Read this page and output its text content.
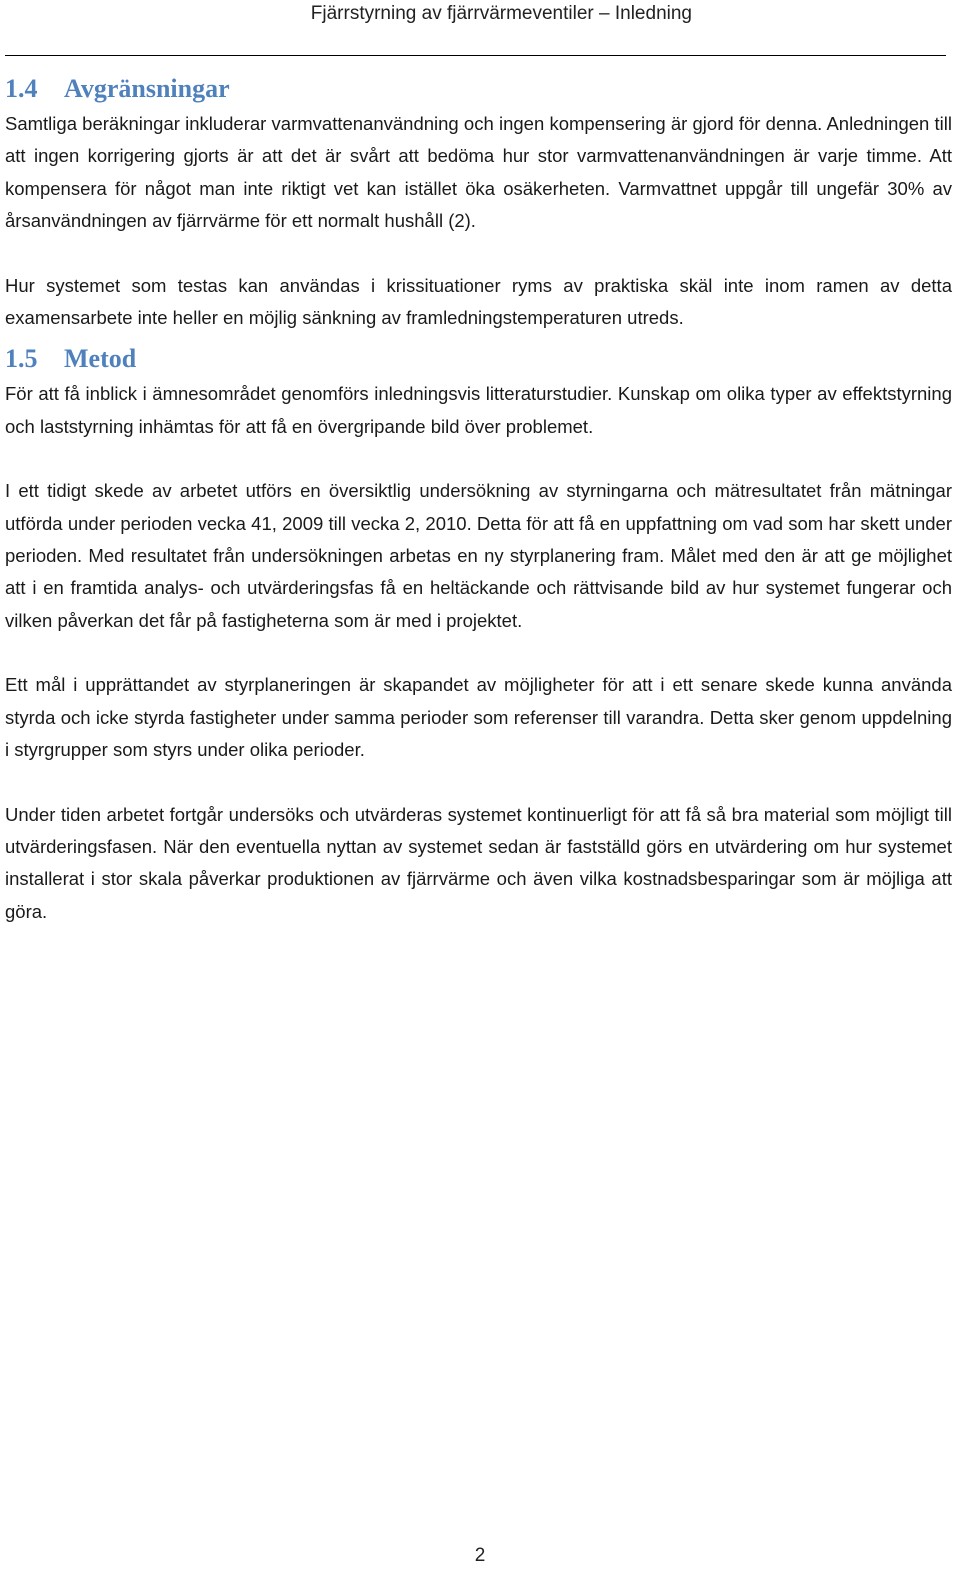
Fjärrstyrning av fjärrvärmeventiler – Inledning
1.4	Avgränsningar

Samtliga beräkningar inkluderar varmvattenanvändning och ingen kompensering är gjord för denna. Anledningen till att ingen korrigering gjorts är att det är svårt att bedöma hur stor varmvattenanvändningen är varje timme. Att kompensera för något man inte riktigt vet kan istället öka osäkerheten. Varmvattnet uppgår till ungefär 30% av årsanvändningen av fjärrvärme för ett normalt hushåll (2).

Hur systemet som testas kan användas i krissituationer ryms av praktiska skäl inte inom ramen av detta examensarbete inte heller en möjlig sänkning av framledningstemperaturen utreds.

1.5	Metod

För att få inblick i ämnesområdet genomförs inledningsvis litteraturstudier. Kunskap om olika typer av effektstyrning och laststyrning inhämtas för att få en övergripande bild över problemet.

I ett tidigt skede av arbetet utförs en översiktlig undersökning av styrningarna och mätresultatet från mätningar utförda under perioden vecka 41, 2009 till vecka 2, 2010. Detta för att få en uppfattning om vad som har skett under perioden. Med resultatet från undersökningen arbetas en ny styrplanering fram. Målet med den är att ge möjlighet att i en framtida analys- och utvärderingsfas få en heltäckande och rättvisande bild av hur systemet fungerar och vilken påverkan det får på fastigheterna som är med i projektet.

Ett mål i upprättandet av styrplaneringen är skapandet av möjligheter för att i ett senare skede kunna använda styrda och icke styrda fastigheter under samma perioder som referenser till varandra. Detta sker genom uppdelning i styrgrupper som styrs under olika perioder.

Under tiden arbetet fortgår undersöks och utvärderas systemet kontinuerligt för att få så bra material som möjligt till utvärderingsfasen. När den eventuella nyttan av systemet sedan är fastställd görs en utvärdering om hur systemet installerat i stor skala påverkar produktionen av fjärrvärme och även vilka kostnadsbesparingar som är möjliga att göra.

2
